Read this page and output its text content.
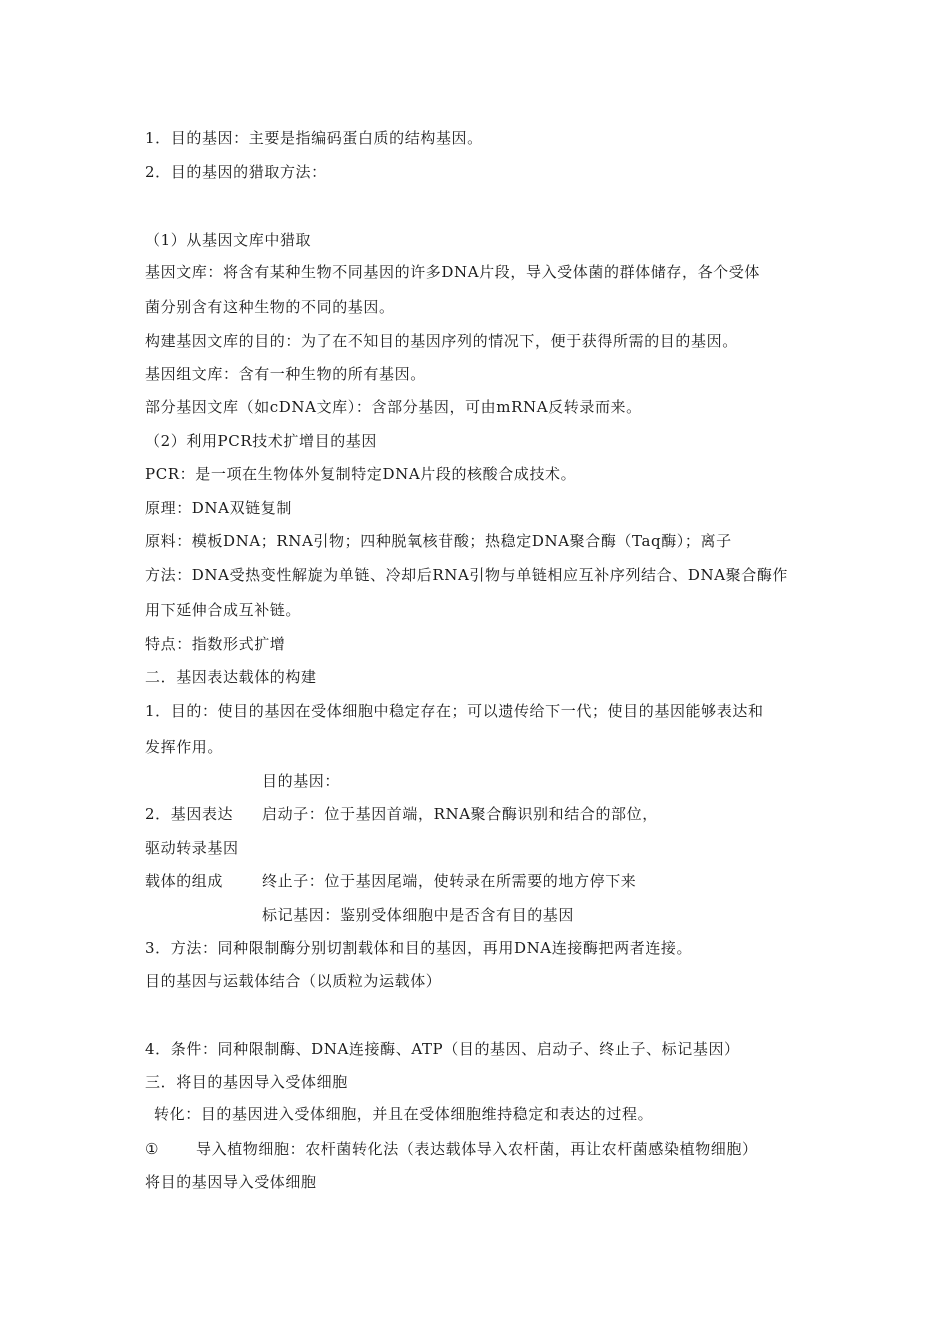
1．目的基因：主要是指编码蛋白质的结构基因。
2．目的基因的猎取方法：
（1）从基因文库中猎取
基因文库：将含有某种生物不同基因的许多DNA片段，导入受体菌的群体储存，各个受体
菌分别含有这种生物的不同的基因。
构建基因文库的目的：为了在不知目的基因序列的情况下，便于获得所需的目的基因。
基因组文库：含有一种生物的所有基因。
部分基因文库（如cDNA文库）：含部分基因，可由mRNA反转录而来。
（2）利用PCR技术扩增目的基因
PCR：是一项在生物体外复制特定DNA片段的核酸合成技术。
原理：DNA双链复制
原料：模板DNA；RNA引物；四种脱氧核苷酸；热稳定DNA聚合酶（Taq酶）；离子
方法：DNA受热变性解旋为单链、冷却后RNA引物与单链相应互补序列结合、DNA聚合酶作
用下延伸合成互补链。
特点：指数形式扩增
二．基因表达载体的构建
1．目的：使目的基因在受体细胞中稳定存在；可以遗传给下一代；使目的基因能够表达和
发挥作用。
目的基因：
2．基因表达 启动子：位于基因首端，RNA聚合酶识别和结合的部位，
驱动转录基因
载体的组成	终止子：位于基因尾端，使转录在所需要的地方停下来
标记基因：鉴别受体细胞中是否含有目的基因
3．方法：同种限制酶分别切割载体和目的基因，再用DNA连接酶把两者连接。
目的基因与运载体结合（以质粒为运载体）
4．条件：同种限制酶、DNA连接酶、ATP（目的基因、启动子、终止子、标记基因）
三．将目的基因导入受体细胞
转化：目的基因进入受体细胞，并且在受体细胞维持稳定和表达的过程。
① 导入植物细胞：农杆菌转化法（表达载体导入农杆菌，再让农杆菌感染植物细胞）
将目的基因导入受体细胞
